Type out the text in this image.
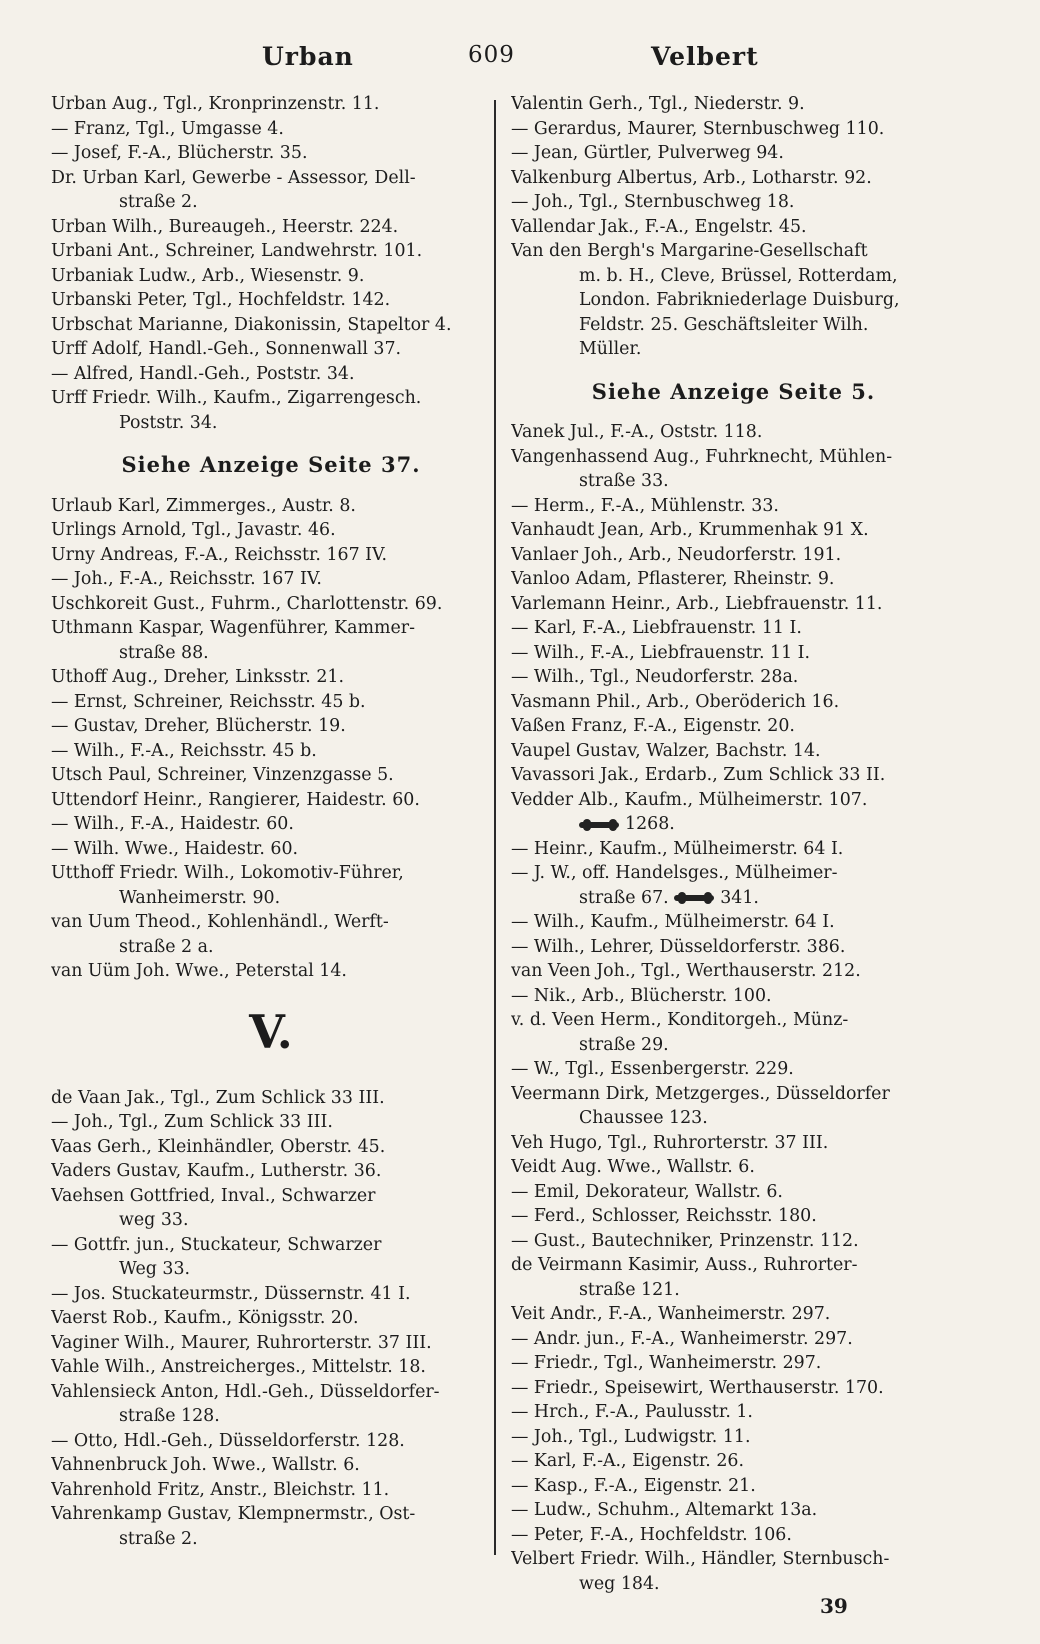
Urban	609	Velbert
Urban Aug., Tgl., Kronprinzenstr. 11.
— Franz, Tgl., Umgasse 4.
— Josef, F.-A., Blücherstr. 35.
Dr. Urban Karl, Gewerbe - Assessor, Dell-
straße 2.
Urban Wilh., Bureaugeh., Heerstr. 224.
Urbani Ant., Schreiner, Landwehrstr. 101.
Urbaniak Ludw., Arb., Wiesenstr. 9.
Urbanski Peter, Tgl., Hochfeldstr. 142.
Urbschat Marianne, Diakonissin, Stapeltor 4.
Urff Adolf, Handl.-Geh., Sonnenwall 37.
— Alfred, Handl.-Geh., Poststr. 34.
Urff Friedr. Wilh., Kaufm., Zigarrengesch.
Poststr. 34.
Siehe Anzeige Seite 37.
Urlaub Karl, Zimmerges., Austr. 8.
Urlings Arnold, Tgl., Javastr. 46.
Urny Andreas, F.-A., Reichsstr. 167 IV.
— Joh., F.-A., Reichsstr. 167 IV.
Uschkoreit Gust., Fuhrm., Charlottenstr. 69.
Uthmann Kaspar, Wagenführer, Kammer-
straße 88.
Uthoff Aug., Dreher, Linksstr. 21.
— Ernst, Schreiner, Reichsstr. 45 b.
— Gustav, Dreher, Blücherstr. 19.
— Wilh., F.-A., Reichsstr. 45 b.
Utsch Paul, Schreiner, Vinzenzgasse 5.
Uttendorf Heinr., Rangierer, Haidestr. 60.
— Wilh., F.-A., Haidestr. 60.
— Wilh. Wwe., Haidestr. 60.
Utthoff Friedr. Wilh., Lokomotiv-Führer,
Wanheimerstr. 90.
van Uum Theod., Kohlenhändl., Werft-
straße 2 a.
van Uüm Joh. Wwe., Peterstal 14.
V.
de Vaan Jak., Tgl., Zum Schlick 33 III.
— Joh., Tgl., Zum Schlick 33 III.
Vaas Gerh., Kleinhändler, Oberstr. 45.
Vaders Gustav, Kaufm., Lutherstr. 36.
Vaehsen Gottfried, Inval., Schwarzer
weg 33.
— Gottfr. jun., Stuckateur, Schwarzer
Weg 33.
— Jos. Stuckateurmstr., Düssernstr. 41 I.
Vaerst Rob., Kaufm., Königsstr. 20.
Vaginer Wilh., Maurer, Ruhrorterstr. 37 III.
Vahle Wilh., Anstreicherges., Mittelstr. 18.
Vahlensieck Anton, Hdl.-Geh., Düsseldorfer-
straße 128.
— Otto, Hdl.-Geh., Düsseldorferstr. 128.
Vahnenbruck Joh. Wwe., Wallstr. 6.
Vahrenhold Fritz, Anstr., Bleichstr. 11.
Vahrenkamp Gustav, Klempnermstr., Ost-
straße 2.
Valentin Gerh., Tgl., Niederstr. 9.
— Gerardus, Maurer, Sternbuschweg 110.
— Jean, Gürtler, Pulverweg 94.
Valkenburg Albertus, Arb., Lotharstr. 92.
— Joh., Tgl., Sternbuschweg 18.
Vallendar Jak., F.-A., Engelstr. 45.
Van den Bergh's Margarine-Gesellschaft
m. b. H., Cleve, Brüssel, Rotterdam,
London. Fabrikniederlage Duisburg,
Feldstr. 25. Geschäftsleiter Wilh.
Müller.
Siehe Anzeige Seite 5.
Vanek Jul., F.-A., Oststr. 118.
Vangenhassend Aug., Fuhrknecht, Mühlen-
straße 33.
— Herm., F.-A., Mühlenstr. 33.
Vanhaudt Jean, Arb., Krummenhak 91 X.
Vanlaer Joh., Arb., Neudorferstr. 191.
Vanloo Adam, Pflasterer, Rheinstr. 9.
Varlemann Heinr., Arb., Liebfrauenstr. 11.
— Karl, F.-A., Liebfrauenstr. 11 I.
— Wilh., F.-A., Liebfrauenstr. 11 I.
— Wilh., Tgl., Neudorferstr. 28a.
Vasmann Phil., Arb., Oberöderich 16.
Vaßen Franz, F.-A., Eigenstr. 20.
Vaupel Gustav, Walzer, Bachstr. 14.
Vavassori Jak., Erdarb., Zum Schlick 33 II.
Vedder Alb., Kaufm., Mülheimerstr. 107.
1268.
— Heinr., Kaufm., Mülheimerstr. 64 I.
— J. W., off. Handelsges., Mülheimer-
straße 67.	341.
— Wilh., Kaufm., Mülheimerstr. 64 I.
— Wilh., Lehrer, Düsseldorferstr. 386.
van Veen Joh., Tgl., Werthauserstr. 212.
— Nik., Arb., Blücherstr. 100.
v. d. Veen Herm., Konditorgeh., Münz-
straße 29.
— W., Tgl., Essenbergerstr. 229.
Veermann Dirk, Metzgerges., Düsseldorfer
Chaussee 123.
Veh Hugo, Tgl., Ruhrorterstr. 37 III.
Veidt Aug. Wwe., Wallstr. 6.
— Emil, Dekorateur, Wallstr. 6.
— Ferd., Schlosser, Reichsstr. 180.
— Gust., Bautechniker, Prinzenstr. 112.
de Veirmann Kasimir, Auss., Ruhrorter-
straße 121.
Veit Andr., F.-A., Wanheimerstr. 297.
— Andr. jun., F.-A., Wanheimerstr. 297.
— Friedr., Tgl., Wanheimerstr. 297.
— Friedr., Speisewirt, Werthauserstr. 170.
— Hrch., F.-A., Paulusstr. 1.
— Joh., Tgl., Ludwigstr. 11.
— Karl, F.-A., Eigenstr. 26.
— Kasp., F.-A., Eigenstr. 21.
— Ludw., Schuhm., Altemarkt 13a.
— Peter, F.-A., Hochfeldstr. 106.
Velbert Friedr. Wilh., Händler, Sternbusch-
weg 184.
39
